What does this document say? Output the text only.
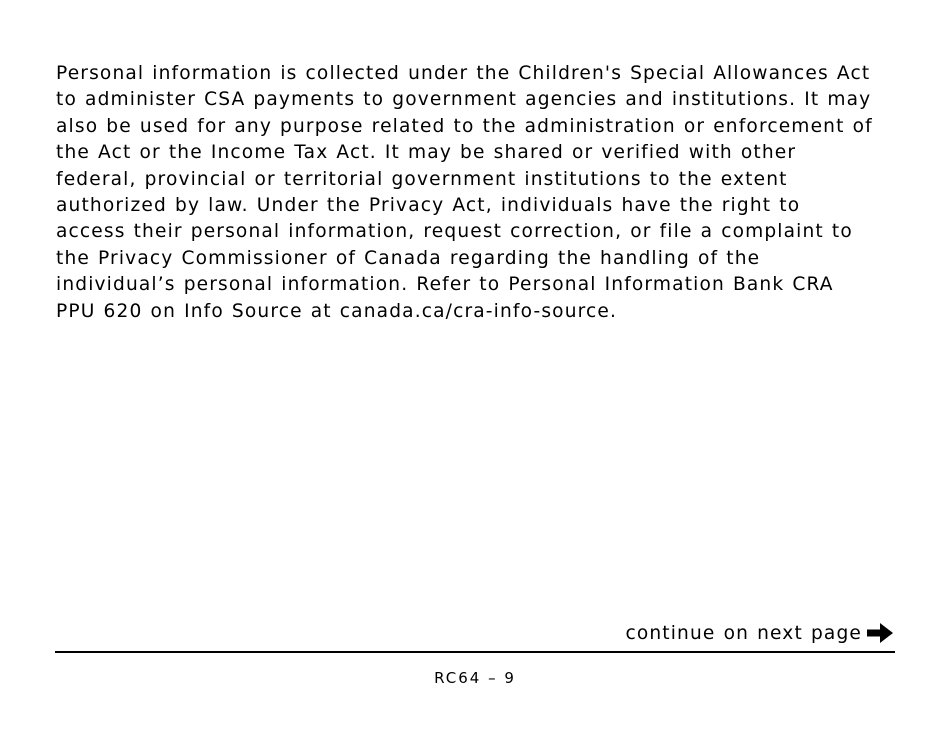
Personal information is collected under the Children's Special Allowances Act to administer CSA payments to government agencies and institutions. It may also be used for any purpose related to the administration or enforcement of the Act or the Income Tax Act. It may be shared or verified with other federal, provincial or territorial government institutions to the extent authorized by law. Under the Privacy Act, individuals have the right to access their personal information, request correction, or file a complaint to the Privacy Commissioner of Canada regarding the handling of the individual’s personal information. Refer to Personal Information Bank CRA PPU 620 on Info Source at canada.ca/cra-info-source.

continue on next page
RC64 – 9
